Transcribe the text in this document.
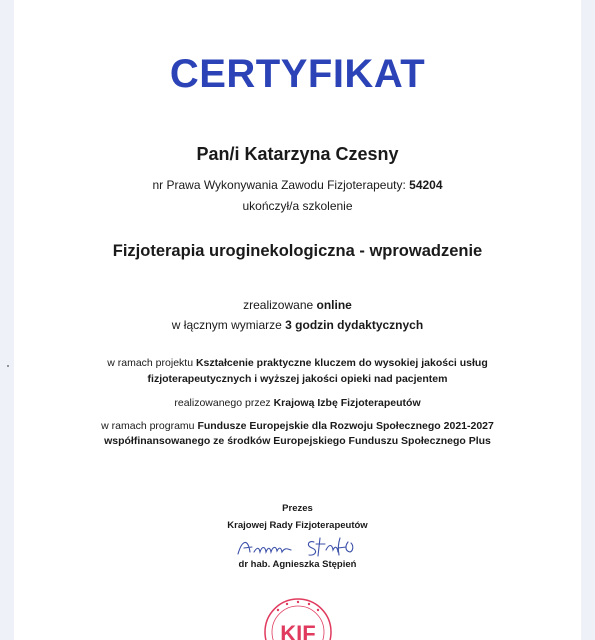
CERTYFIKAT
Pan/i Katarzyna Czesny
nr Prawa Wykonywania Zawodu Fizjoterapeuty: 54204
ukończył/a szkolenie
Fizjoterapia uroginekologiczna - wprowadzenie
zrealizowane online
w łącznym wymiarze 3 godzin dydaktycznych
w ramach projektu Kształcenie praktyczne kluczem do wysokiej jakości usług
fizjoterapeutycznych i wyższej jakości opieki nad pacjentem
realizowanego przez Krajową Izbę Fizjoterapeutów
w ramach programu Fundusze Europejskie dla Rozwoju Społecznego 2021-2027
współfinansowanego ze środków Europejskiego Funduszu Społecznego Plus
Prezes
Krajowej Rady Fizjoterapeutów
dr hab. Agnieszka Stępień
KIF
